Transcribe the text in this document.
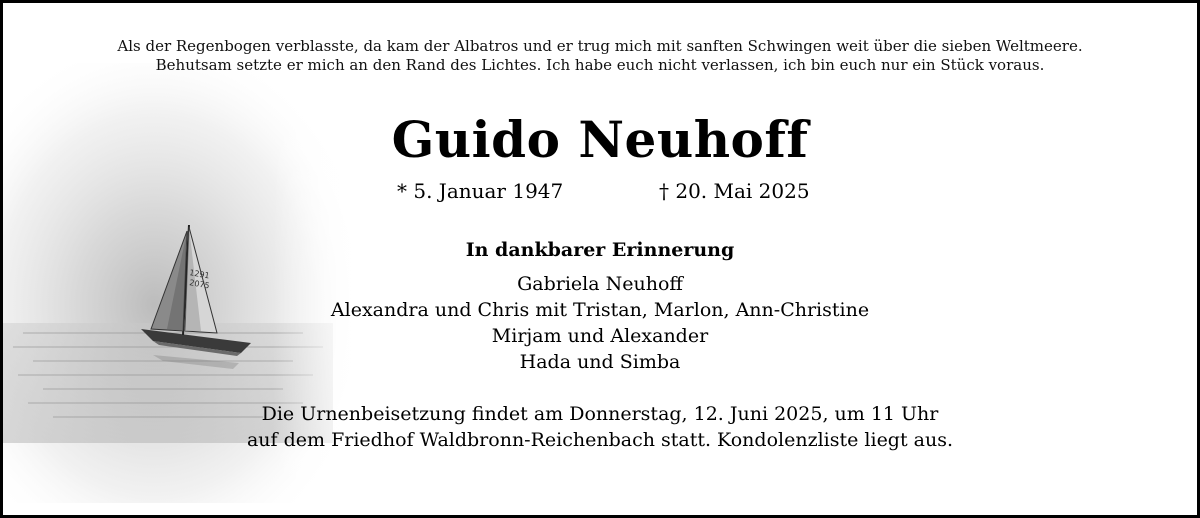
Als der Regenbogen verblasste, da kam der Albatros und er trug mich mit sanften Schwingen weit über die sieben Weltmeere.
Behutsam setzte er mich an den Rand des Lichtes. Ich habe euch nicht verlassen, ich bin euch nur ein Stück voraus.
Guido Neuhoff
* 5. Januar 1947	† 20. Mai 2025
In dankbarer Erinnerung
Gabriela Neuhoff
Alexandra und Chris mit Tristan, Marlon, Ann-Christine
Mirjam und Alexander
Hada und Simba
Die Urnenbeisetzung findet am Donnerstag, 12. Juni 2025, um 11 Uhr
auf dem Friedhof Waldbronn-Reichenbach statt. Kondolenzliste liegt aus.
